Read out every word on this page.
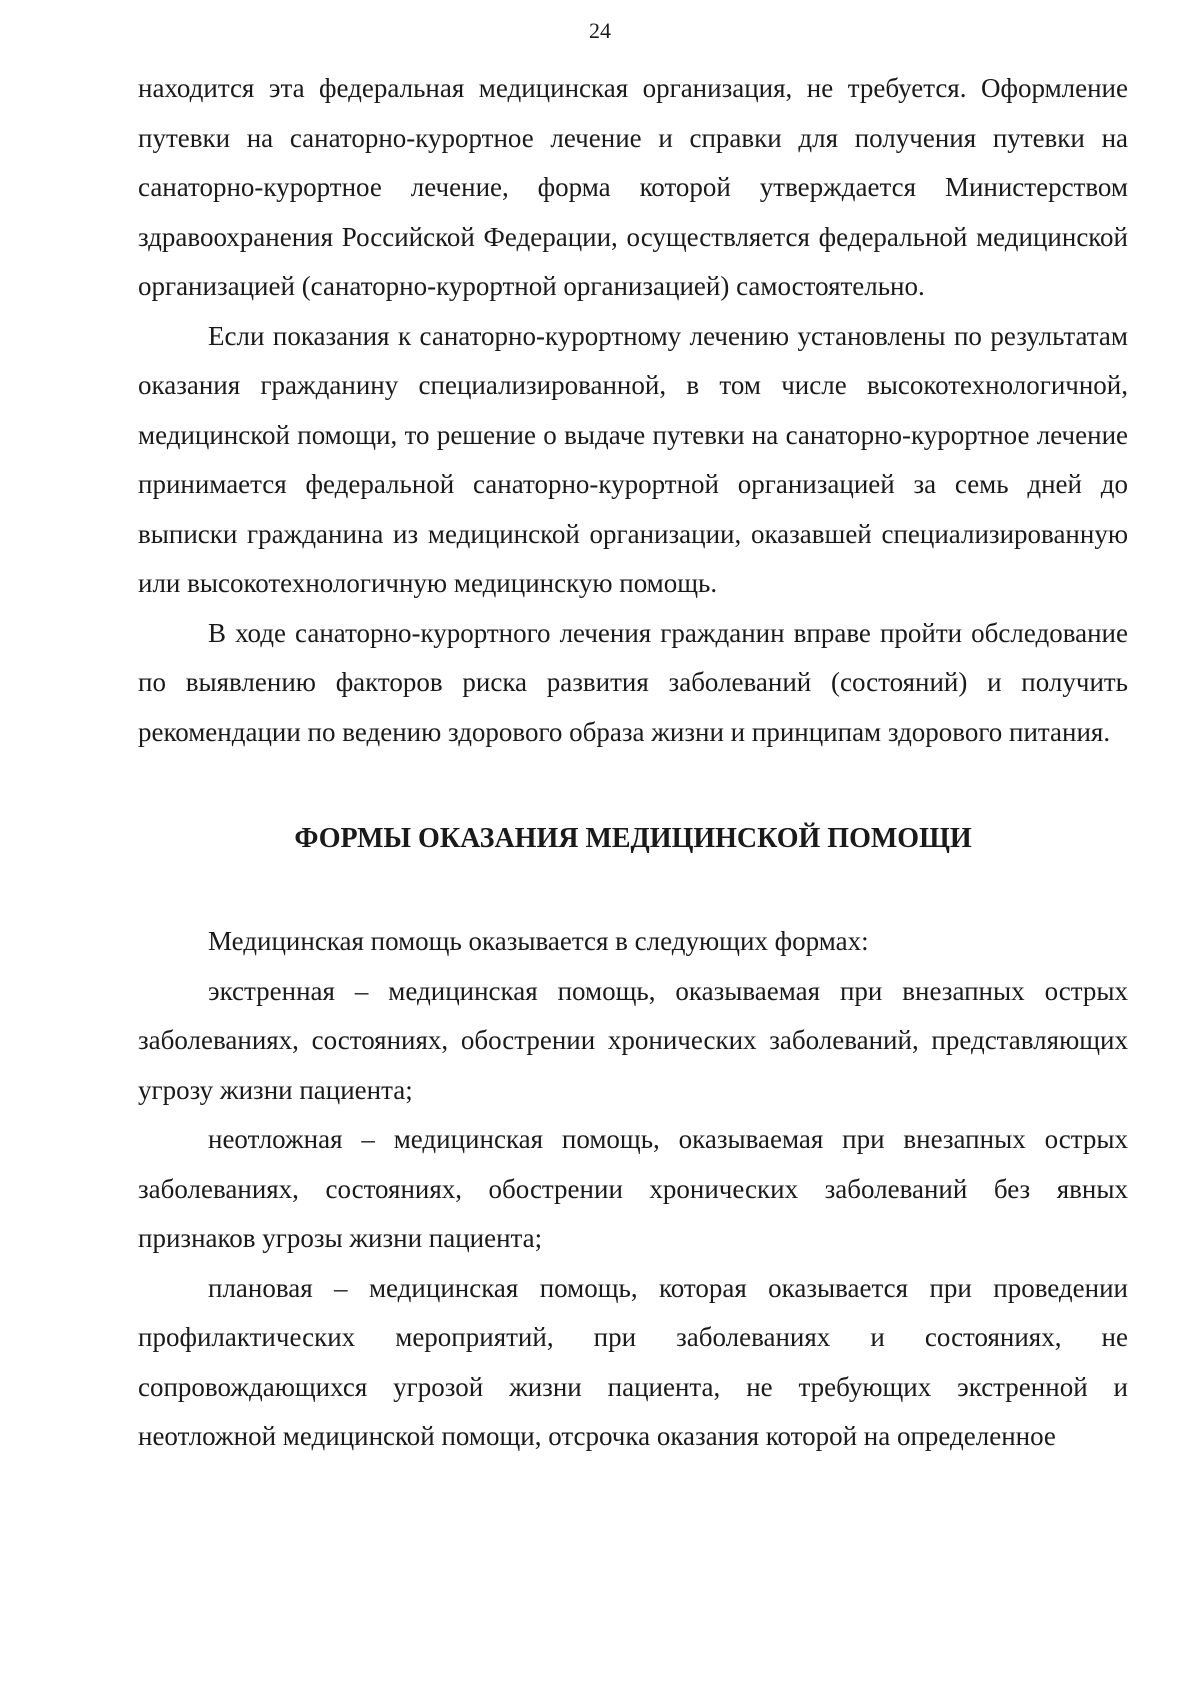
24

находится эта федеральная медицинская организация, не требуется. Оформление путевки на санаторно-курортное лечение и справки для получения путевки на санаторно-курортное лечение, форма которой утверждается Министерством здравоохранения Российской Федерации, осуществляется федеральной медицинской организацией (санаторно-курортной организацией) самостоятельно.

Если показания к санаторно-курортному лечению установлены по результатам оказания гражданину специализированной, в том числе высокотехнологичной, медицинской помощи, то решение о выдаче путевки на санаторно-курортное лечение принимается федеральной санаторно-курортной организацией за семь дней до выписки гражданина из медицинской организации, оказавшей специализированную или высокотехнологичную медицинскую помощь.

В ходе санаторно-курортного лечения гражданин вправе пройти обследование по выявлению факторов риска развития заболеваний (состояний) и получить рекомендации по ведению здорового образа жизни и принципам здорового питания.

ФОРМЫ ОКАЗАНИЯ МЕДИЦИНСКОЙ ПОМОЩИ

Медицинская помощь оказывается в следующих формах:

экстренная – медицинская помощь, оказываемая при внезапных острых заболеваниях, состояниях, обострении хронических заболеваний, представляющих угрозу жизни пациента;

неотложная – медицинская помощь, оказываемая при внезапных острых заболеваниях, состояниях, обострении хронических заболеваний без явных признаков угрозы жизни пациента;

плановая – медицинская помощь, которая оказывается при проведении профилактических мероприятий, при заболеваниях и состояниях, не сопровождающихся угрозой жизни пациента, не требующих экстренной и неотложной медицинской помощи, отсрочка оказания которой на определенное
